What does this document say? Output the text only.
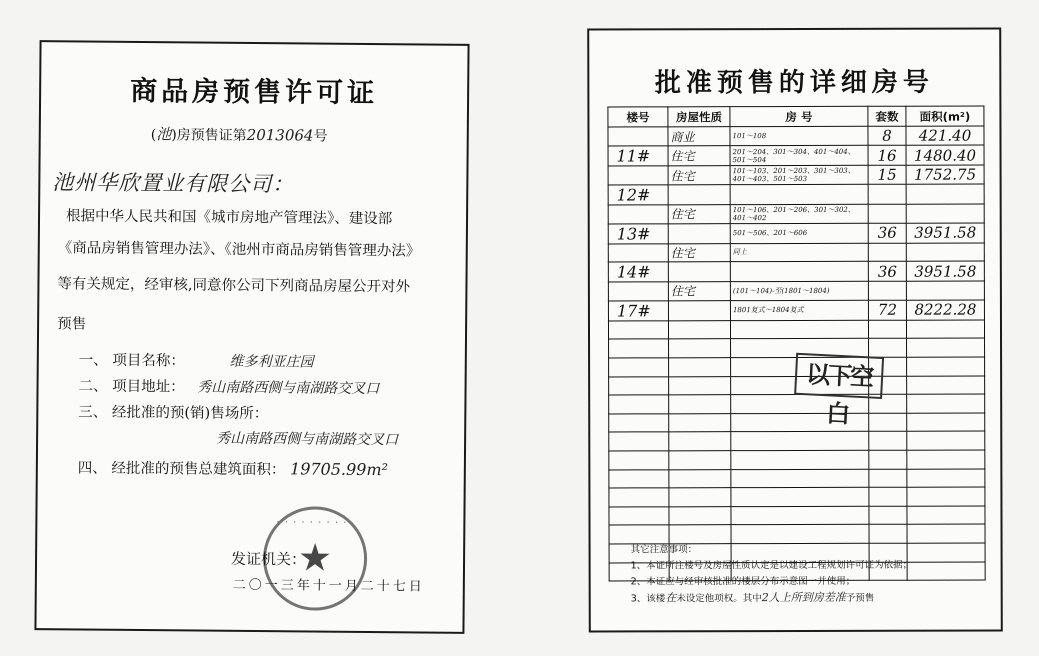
商品房预售许可证
(池)房预售证第2013064号
池州华欣置业有限公司：
根据中华人民共和国《城市房地产管理法》、建设部
《商品房销售管理办法》、《池州市商品房销售管理办法》
等有关规定，经审核,同意你公司下列商品房屋公开对外
预售
一、 项目名称：	维多利亚庄园
二、 项目地址： 秀山南路西侧与南湖路交叉口
三、 经批准的预(销)售场所：
秀山南路西侧与南湖路交叉口
四、 经批准的预售总建筑面积： 19705.99m²
· · · · · · · · ·
★
发证机关：
二〇一三年十一月二十七日
批准预售的详细房号
楼号	房屋性质	房 号	套数	面积(m²)
	商业	101～108	8	421.40
11#	住宅	201～204、301～304、401～404、501～504	16	1480.40
	住宅	101～103、201～203、301～303、401～403、501～503	15	1752.75
12#				
	住宅	101～106、201～206、301～302、401～402		
13#		501～506、201～606	36	3951.58
	住宅	同上		
14#			36	3951.58
	住宅	(101～104)-至(1801～1804)		
17#		1801复式～1804复式	72	8222.28

以下空白
其它注意事项：
1、本证所注楼号及房屋性质认定是以建设工程规划许可证为依据；
2、本证应与经审核批准的楼层分布示意图一并使用；
3、该楼在未设定他项权。其中2人上所到房差准予预售
